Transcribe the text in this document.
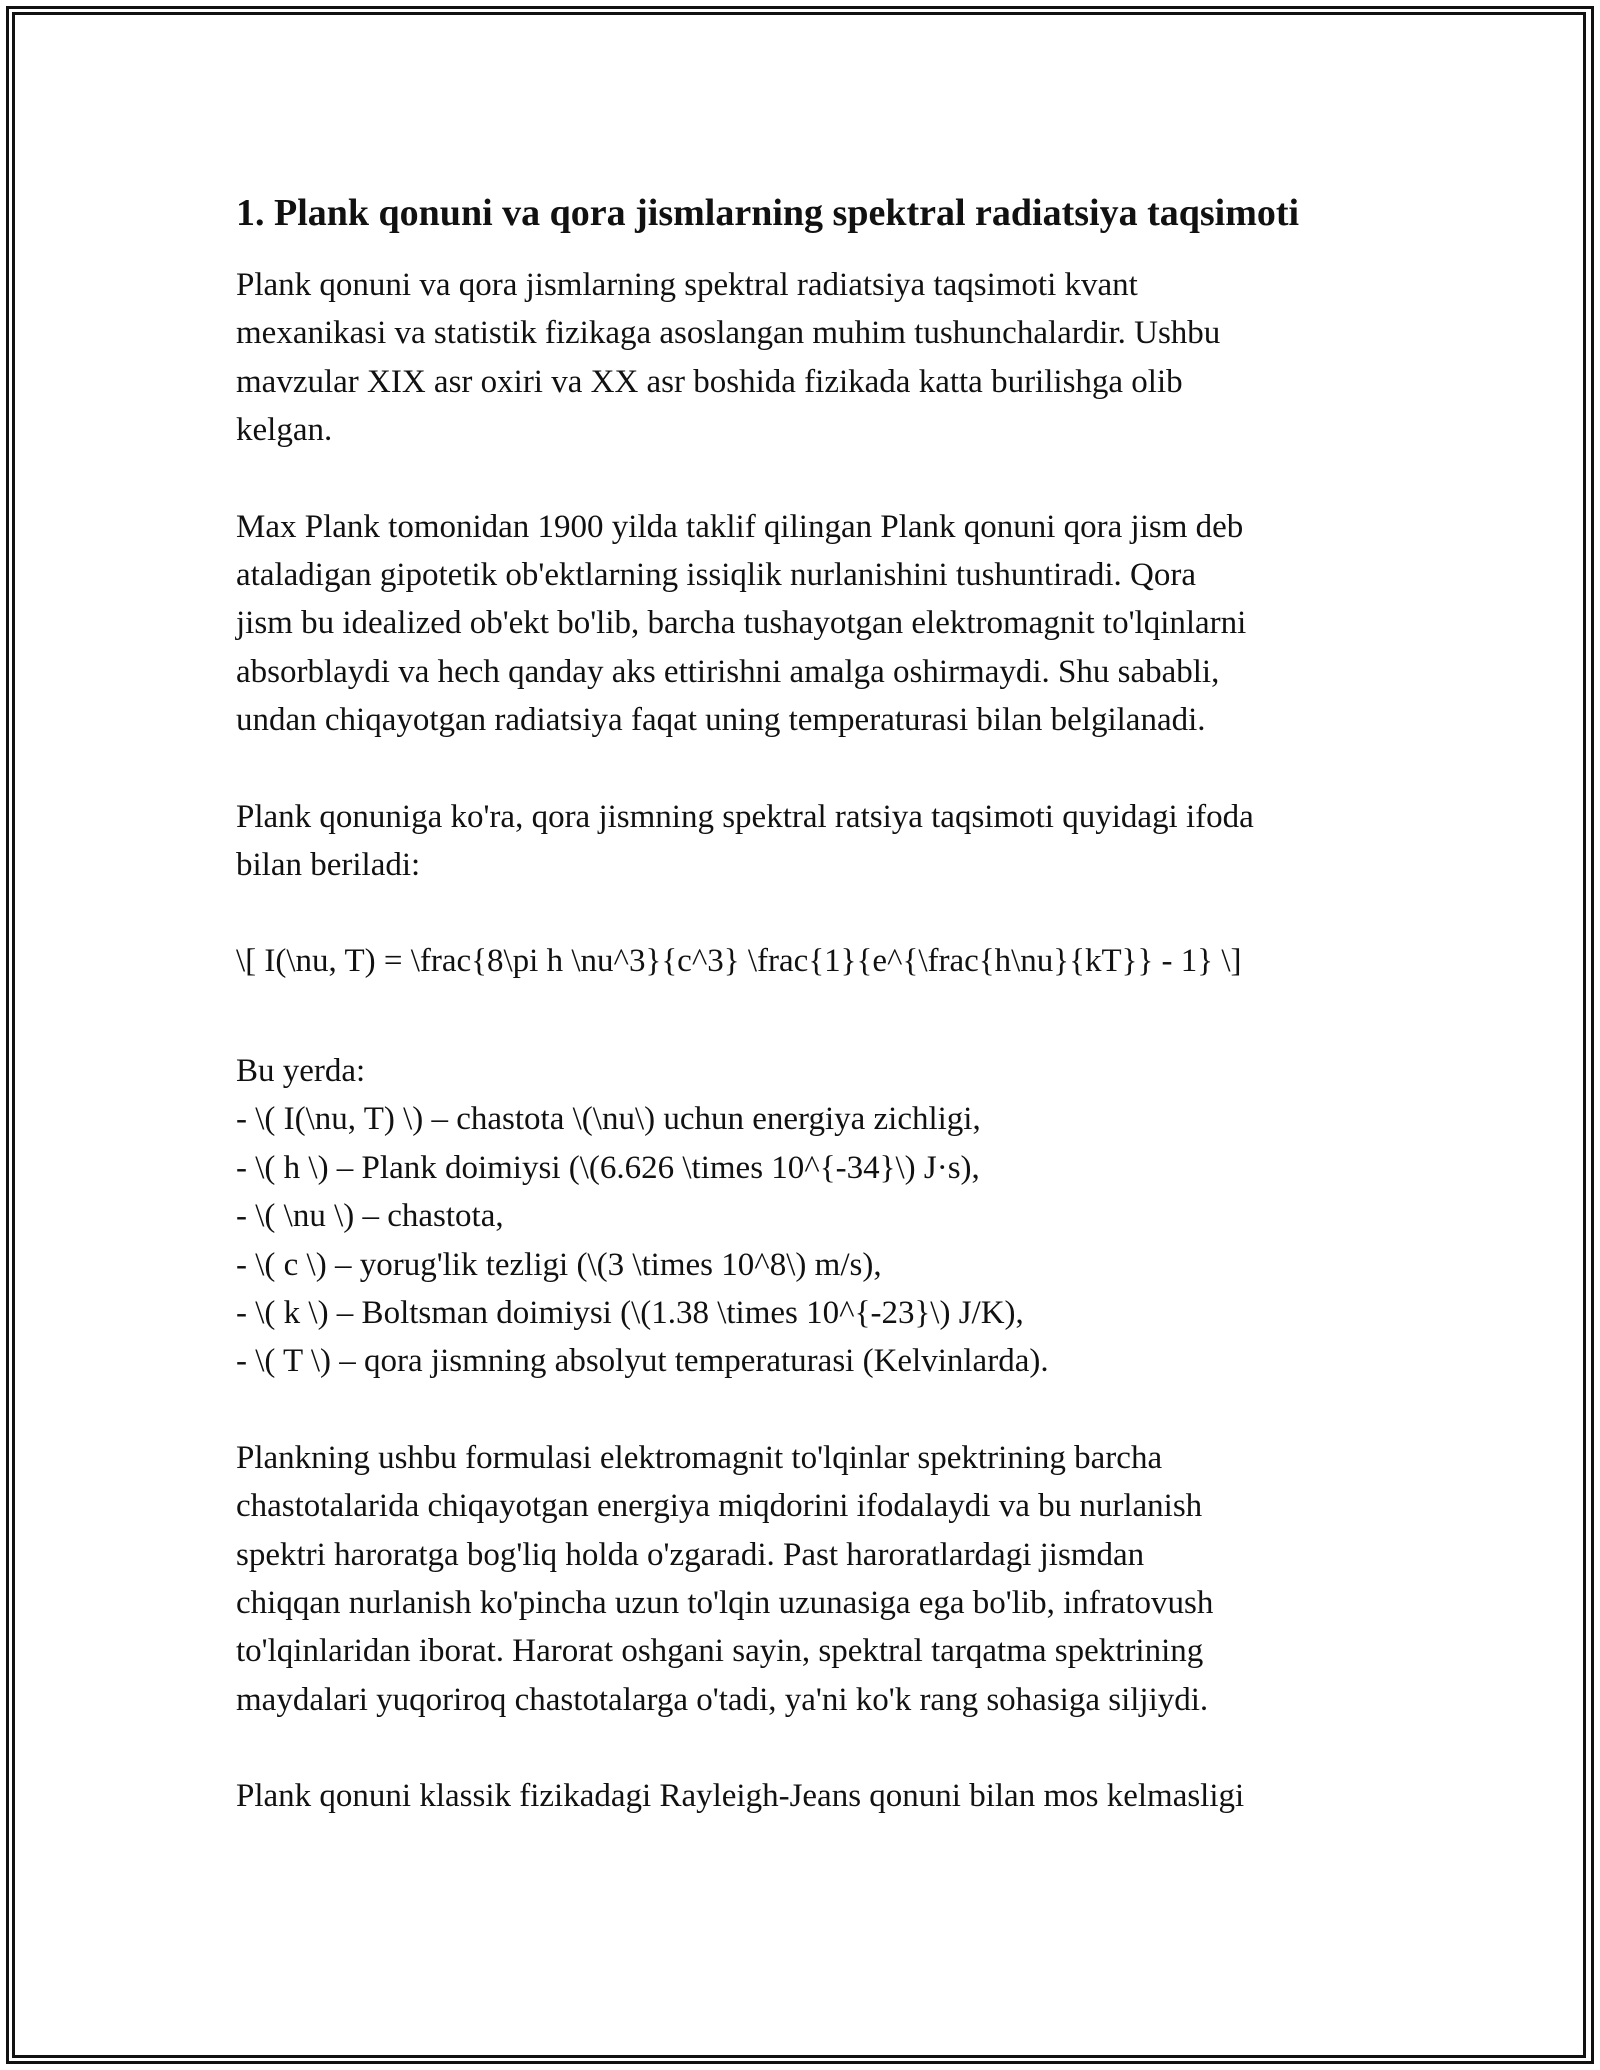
1. Plank qonuni va qora jismlarning spektral radiatsiya taqsimoti

Plank qonuni va qora jismlarning spektral radiatsiya taqsimoti kvant
mexanikasi va statistik fizikaga asoslangan muhim tushunchalardir. Ushbu
mavzular XIX asr oxiri va XX asr boshida fizikada katta burilishga olib
kelgan.

Max Plank tomonidan 1900 yilda taklif qilingan Plank qonuni qora jism deb
ataladigan gipotetik ob'ektlarning issiqlik nurlanishini tushuntiradi. Qora
jism bu idealized ob'ekt bo'lib, barcha tushayotgan elektromagnit to'lqinlarni
absorblaydi va hech qanday aks ettirishni amalga oshirmaydi. Shu sababli,
undan chiqayotgan radiatsiya faqat uning temperaturasi bilan belgilanadi.

Plank qonuniga ko'ra, qora jismning spektral ratsiya taqsimoti quyidagi ifoda
bilan beriladi:

\[ I(\nu, T) = \frac{8\pi h \nu^3}{c^3} \frac{1}{e^{\frac{h\nu}{kT}} - 1} \]

Bu yerda:
- \( I(\nu, T) \) – chastota \(\nu\) uchun energiya zichligi,
- \( h \) – Plank doimiysi (\(6.626 \times 10^{-34}\) J·s),
- \( \nu \) – chastota,
- \( c \) – yorug'lik tezligi (\(3 \times 10^8\) m/s),
- \( k \) – Boltsman doimiysi (\(1.38 \times 10^{-23}\) J/K),
- \( T \) – qora jismning absolyut temperaturasi (Kelvinlarda).

Plankning ushbu formulasi elektromagnit to'lqinlar spektrining barcha
chastotalarida chiqayotgan energiya miqdorini ifodalaydi va bu nurlanish
spektri haroratga bog'liq holda o'zgaradi. Past haroratlardagi jismdan
chiqqan nurlanish ko'pincha uzun to'lqin uzunasiga ega bo'lib, infratovush
to'lqinlaridan iborat. Harorat oshgani sayin, spektral tarqatma spektrining
maydalari yuqoriroq chastotalarga o'tadi, ya'ni ko'k rang sohasiga siljiydi.

Plank qonuni klassik fizikadagi Rayleigh-Jeans qonuni bilan mos kelmasligi
